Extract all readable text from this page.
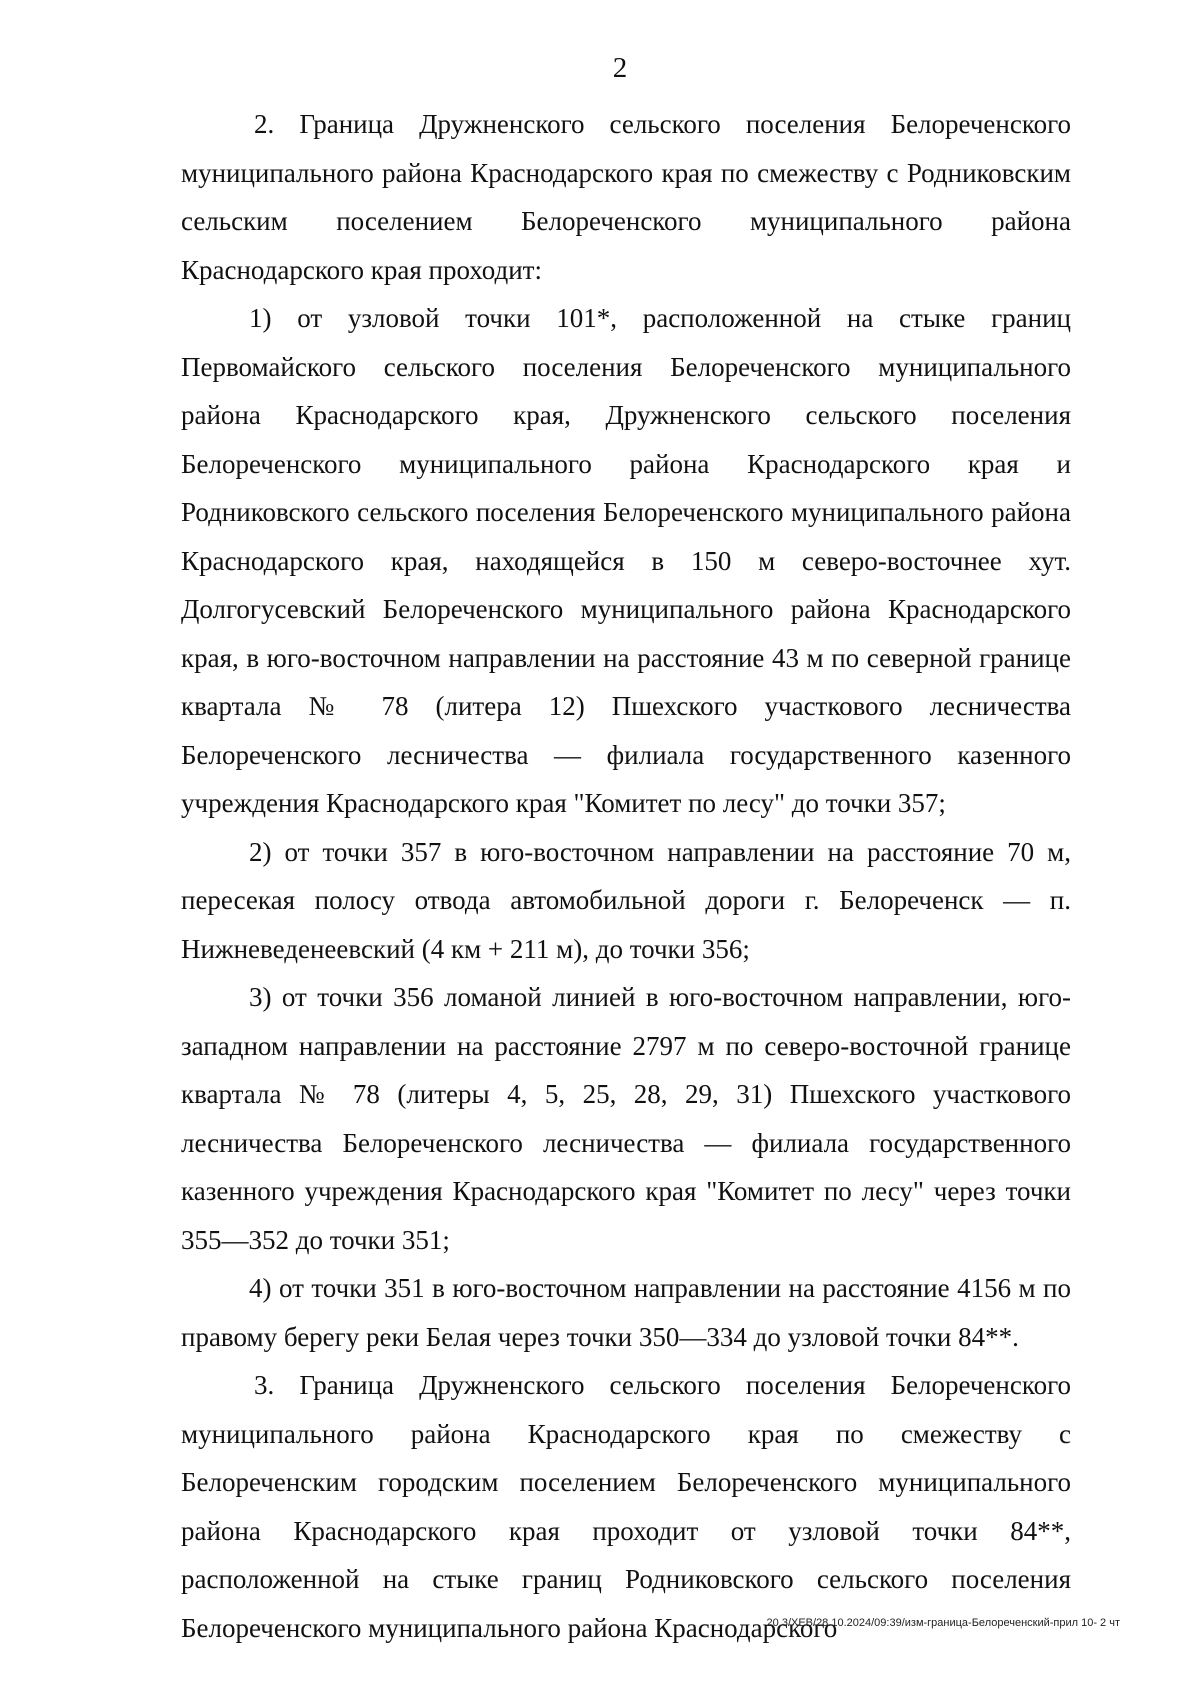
2

2. Граница Дружненского сельского поселения Белореченского муниципального района Краснодарского края по смежеству с Родниковским сельским поселением Белореченского муниципального района Краснодарского края проходит:

1) от узловой точки 101*, расположенной на стыке границ Первомайского сельского поселения Белореченского муниципального района Краснодарского края, Дружненского сельского поселения Белореченского муниципального района Краснодарского края и Родниковского сельского поселения Белореченского муниципального района Краснодарского края, находящейся в 150 м северо-восточнее хут. Долгогусевский Белореченского муниципального района Краснодарского края, в юго-восточном направлении на расстояние 43 м по северной границе квартала № 78 (литера 12) Пшехского участкового лесничества Белореченского лесничества — филиала государственного казенного учреждения Краснодарского края "Комитет по лесу" до точки 357;

2) от точки 357 в юго-восточном направлении на расстояние 70 м, пересекая полосу отвода автомобильной дороги г. Белореченск — п. Нижневеденеевский (4 км + 211 м), до точки 356;

3) от точки 356 ломаной линией в юго-восточном направлении, юго-западном направлении на расстояние 2797 м по северо-восточной границе квартала № 78 (литеры 4, 5, 25, 28, 29, 31) Пшехского участкового лесничества Белореченского лесничества — филиала государственного казенного учреждения Краснодарского края "Комитет по лесу" через точки 355—352 до точки 351;

4) от точки 351 в юго-восточном направлении на расстояние 4156 м по правому берегу реки Белая через точки 350—334 до узловой точки 84**.

3. Граница Дружненского сельского поселения Белореченского муниципального района Краснодарского края по смежеству с Белореченским городским поселением Белореченского муниципального района Краснодарского края проходит от узловой точки 84**, расположенной на стыке границ Родниковского сельского поселения Белореченского муниципального района Краснодарского

20.3/ХЕВ/28.10.2024/09:39/изм-граница-Белореченский-прил 10- 2 чт
